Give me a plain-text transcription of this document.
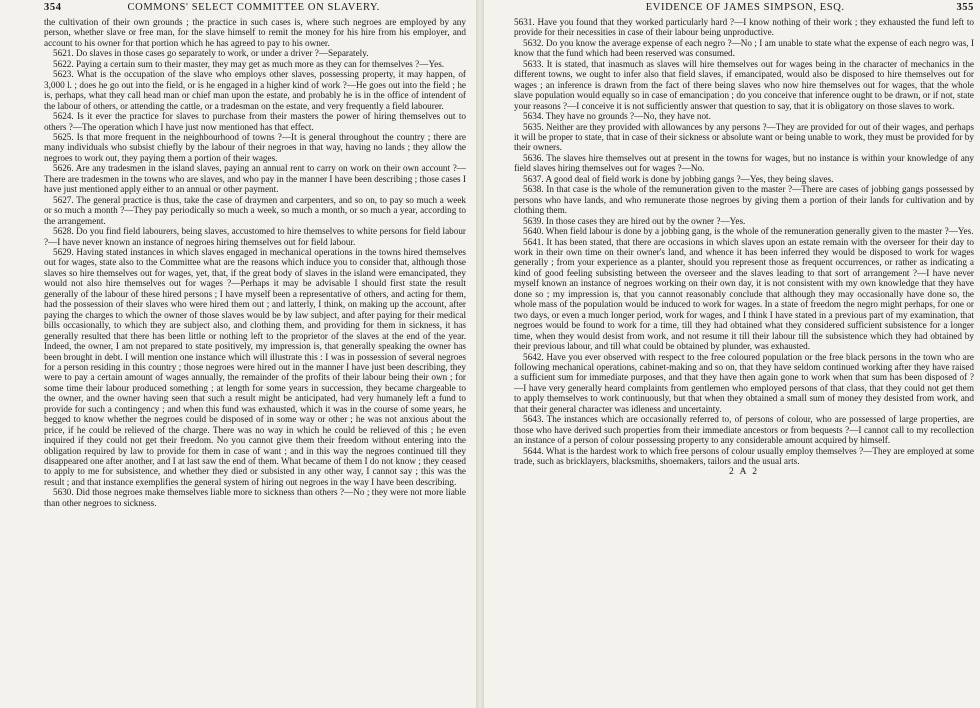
354	COMMONS' SELECT COMMITTEE ON SLAVERY.

the cultivation of their own grounds ; the practice in such cases is, where such negroes are employed by any person, whether slave or free man, for the slave himself to remit the money for his hire from his employer, and account to his owner for that portion which he has agreed to pay to his owner.

5621. Do slaves in those cases go separately to work, or under a driver ?—Separately.

5622. Paying a certain sum to their master, they may get as much more as they can for themselves ?—Yes.

5623. What is the occupation of the slave who employs other slaves, possessing property, it may happen, of 3,000 l. ; does he go out into the field, or is he engaged in a higher kind of work ?—He goes out into the field ; he is, perhaps, what they call head man or chief man upon the estate, and probably he is in the office of intendent of the labour of others, or attending the cattle, or a tradesman on the estate, and very frequently a field labourer.

5624. Is it ever the practice for slaves to purchase from their masters the power of hiring themselves out to others ?—The operation which I have just now mentioned has that effect.

5625. Is that more frequent in the neighbourhood of towns ?—It is general throughout the country ; there are many individuals who subsist chiefly by the labour of their negroes in that way, having no lands ; they allow the negroes to work out, they paying them a portion of their wages.

5626. Are any tradesmen in the island slaves, paying an annual rent to carry on work on their own account ?—There are tradesmen in the towns who are slaves, and who pay in the manner I have been describing ; those cases I have just mentioned apply either to an annual or other payment.

5627. The general practice is thus, take the case of draymen and carpenters, and so on, to pay so much a week or so much a month ?—They pay periodically so much a week, so much a month, or so much a year, according to the arrangement.

5628. Do you find field labourers, being slaves, accustomed to hire themselves to white persons for field labour ?—I have never known an instance of negroes hiring themselves out for field labour.

5629. Having stated instances in which slaves engaged in mechanical operations in the towns hired themselves out for wages, state also to the Committee what are the reasons which induce you to consider that, although those slaves so hire themselves out for wages, yet, that, if the great body of slaves in the island were emancipated, they would not also hire themselves out for wages ?—Perhaps it may be advisable I should first state the result generally of the labour of these hired persons ; I have myself been a representative of others, and acting for them, had the possession of their slaves who were hired them out ; and latterly, I think, on making up the account, after paying the charges to which the owner of those slaves would be by law subject, and after paying for their medical bills occasionally, to which they are subject also, and clothing them, and providing for them in sickness, it has generally resulted that there has been little or nothing left to the proprietor of the slaves at the end of the year. Indeed, the owner, I am not prepared to state positively, my impression is, that generally speaking the owner has been brought in debt. I will mention one instance which will illustrate this : I was in possession of several negroes for a person residing in this country ; those negroes were hired out in the manner I have just been describing, they were to pay a certain amount of wages annually, the remainder of the profits of their labour being their own ; for some time their labour produced something ; at length for some years in succession, they became chargeable to the owner, and the owner having seen that such a result might be anticipated, had very humanely left a fund to provide for such a contingency ; and when this fund was exhausted, which it was in the course of some years, he begged to know whether the negroes could be disposed of in some way or other ; he was not anxious about the price, if he could be relieved of the charge. There was no way in which he could be relieved of this ; he even inquired if they could not get their freedom. No you cannot give them their freedom without entering into the obligation required by law to provide for them in case of want ; and in this way the negroes continued till they disappeared one after another, and I at last saw the end of them. What became of them I do not know ; they ceased to apply to me for subsistence, and whether they died or subsisted in any other way, I cannot say ; this was the result ; and that instance exemplifies the general system of hiring out negroes in the way I have been describing.

5630. Did those negroes make themselves liable more to sickness than others ?—No ; they were not more liable than other negroes to sickness.

EVIDENCE OF JAMES SIMPSON, ESQ.	355

5631. Have you found that they worked particularly hard ?—I know nothing of their work ; they exhausted the fund left to provide for their necessities in case of their labour being unproductive.

5632. Do you know the average expense of each negro ?—No ; I am unable to state what the expense of each negro was, I know that the fund which had been reserved was consumed.

5633. It is stated, that inasmuch as slaves will hire themselves out for wages being in the character of mechanics in the different towns, we ought to infer also that field slaves, if emancipated, would also be disposed to hire themselves out for wages ; an inference is drawn from the fact of there being slaves who now hire themselves out for wages, that the whole slave population would equally so in case of emancipation ; do you conceive that inference ought to be drawn, or if not, state your reasons ?—I conceive it is not sufficiently answer that question to say, that it is obligatory on those slaves to work.

5634. They have no grounds ?—No, they have not.

5635. Neither are they provided with allowances by any persons ?—They are provided for out of their wages, and perhaps it will be proper to state, that in case of their sickness or absolute want or being unable to work, they must be provided for by their owners.

5636. The slaves hire themselves out at present in the towns for wages, but no instance is within your knowledge of any field slaves hiring themselves out for wages ?—No.

5637. A good deal of field work is done by jobbing gangs ?—Yes, they being slaves.

5638. In that case is the whole of the remuneration given to the master ?—There are cases of jobbing gangs possessed by persons who have lands, and who remunerate those negroes by giving them a portion of their lands for cultivation and by clothing them.

5639. In those cases they are hired out by the owner ?—Yes.

5640. When field labour is done by a jobbing gang, is the whole of the remuneration generally given to the master ?—Yes.

5641. It has been stated, that there are occasions in which slaves upon an estate remain with the overseer for their day to work in their own time on their owner's land, and whence it has been inferred they would be disposed to work for wages generally ; from your experience as a planter, should you represent those as frequent occurrences, or rather as indicating a kind of good feeling subsisting between the overseer and the slaves leading to that sort of arrangement ?—I have never myself known an instance of negroes working on their own day, it is not consistent with my own knowledge that they have done so ; my impression is, that you cannot reasonably conclude that although they may occasionally have done so, the whole mass of the population would be induced to work for wages. In a state of freedom the negro might perhaps, for one or two days, or even a much longer period, work for wages, and I think I have stated in a previous part of my examination, that negroes would be found to work for a time, till they had obtained what they considered sufficient subsistence for a longer time, when they would desist from work, and not resume it till their labour till the subsistence which they had obtained by their previous labour, and till what could be obtained by plunder, was exhausted.

5642. Have you ever observed with respect to the free coloured population or the free black persons in the town who are following mechanical operations, cabinet-making and so on, that they have seldom continued working after they have raised a sufficient sum for immediate purposes, and that they have then again gone to work when that sum has been disposed of ?—I have very generally heard complaints from gentlemen who employed persons of that class, that they could not get them to apply themselves to work continuously, but that when they obtained a small sum of money they desisted from work, and that their general character was idleness and uncertainty.

5643. The instances which are occasionally referred to, of persons of colour, who are possessed of large properties, are those who have derived such properties from their immediate ancestors or from bequests ?—I cannot call to my recollection an instance of a person of colour possessing property to any considerable amount acquired by himself.

5644. What is the hardest work to which free persons of colour usually employ themselves ?—They are employed at some trade, such as bricklayers, blacksmiths, shoemakers, tailors and the usual arts.

2 A 2
